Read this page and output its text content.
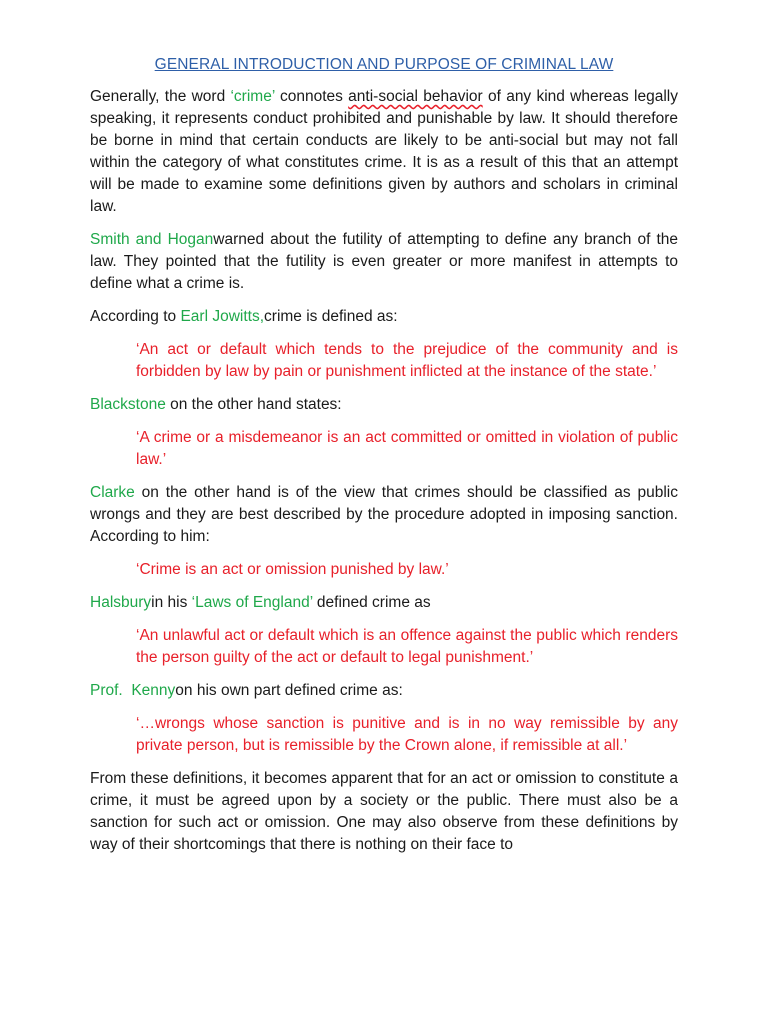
GENERAL INTRODUCTION AND PURPOSE OF CRIMINAL LAW

Generally, the word ‘crime’ connotes anti-social behavior of any kind whereas legally speaking, it represents conduct prohibited and punishable by law. It should therefore be borne in mind that certain conducts are likely to be anti-social but may not fall within the category of what constitutes crime. It is as a result of this that an attempt will be made to examine some definitions given by authors and scholars in criminal law.

Smith and Hoganwarned about the futility of attempting to define any branch of the law. They pointed that the futility is even greater or more manifest in attempts to define what a crime is.

According to Earl Jowitts,crime is defined as:

‘An act or default which tends to the prejudice of the community and is forbidden by law by pain or punishment inflicted at the instance of the state.’

Blackstone on the other hand states:

‘A crime or a misdemeanor is an act committed or omitted in violation of public law.’

Clarke on the other hand is of the view that crimes should be classified as public wrongs and they are best described by the procedure adopted in imposing sanction. According to him:

‘Crime is an act or omission punished by law.’

Halsburyin his ‘Laws of England’ defined crime as

‘An unlawful act or default which is an offence against the public which renders the person guilty of the act or default to legal punishment.’

Prof.  Kennyon his own part defined crime as:

‘…wrongs whose sanction is punitive and is in no way remissible by any private person, but is remissible by the Crown alone, if remissible at all.’

From these definitions, it becomes apparent that for an act or omission to constitute a crime, it must be agreed upon by a society or the public. There must also be a sanction for such act or omission. One may also observe from these definitions by way of their shortcomings that there is nothing on their face to
